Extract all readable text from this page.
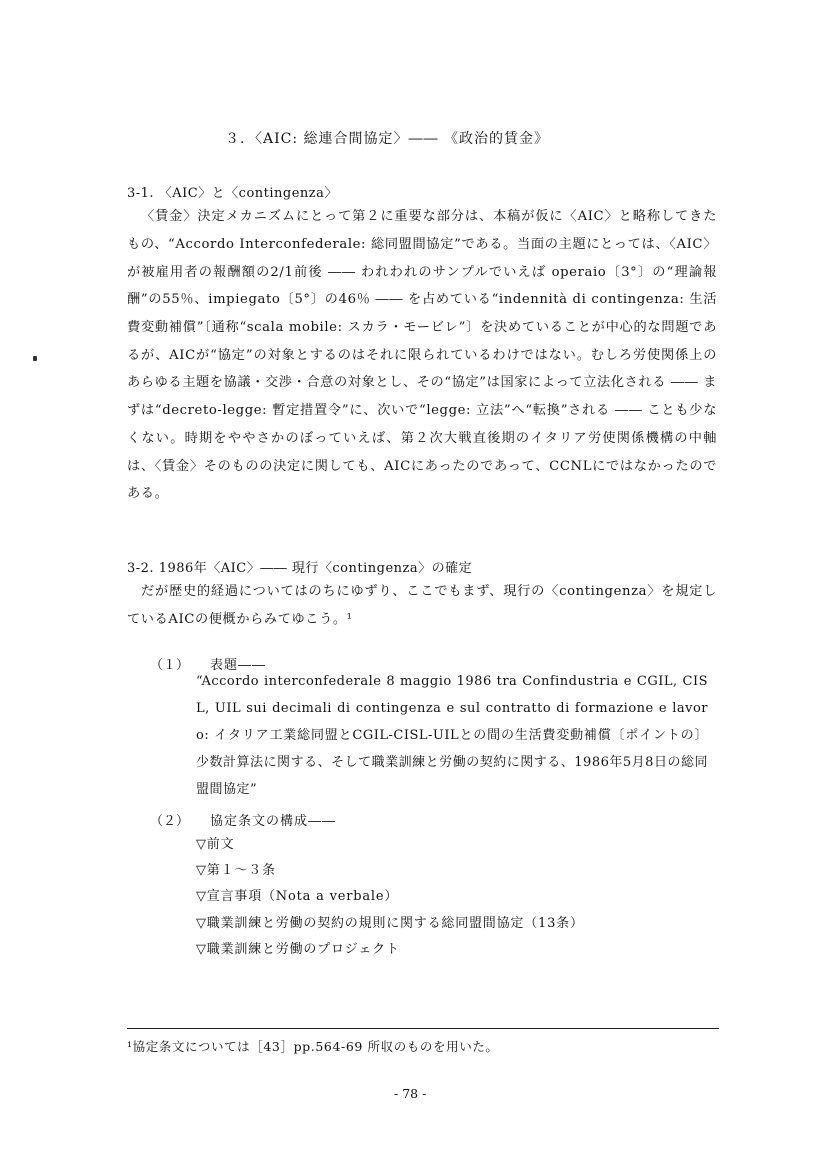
３．〈AIC: 総連合間協定〉―― 《政治的賃金》
3-1. 〈AIC〉と〈contingenza〉

〈賃金〉決定メカニズムにとって第２に重要な部分は、本稿が仮に〈AIC〉と略称してきたもの、“Accordo Interconfederale: 総同盟間協定”である。当面の主題にとっては、〈AIC〉が被雇用者の報酬額の2/1前後 ―― われわれのサンプルでいえば operaio〔3°〕の“理論報酬”の55％、impiegato〔5°〕の46％ ―― を占めている“indennità di contingenza: 生活費変動補償”〔通称“scala mobile: スカラ・モービレ”〕を決めていることが中心的な問題であるが、AICが“協定”の対象とするのはそれに限られているわけではない。むしろ労使関係上のあらゆる主題を協議・交渉・合意の対象とし、その“協定”は国家によって立法化される ―― まずは“decreto-legge: 暫定措置令”に、次いで“legge: 立法”へ“転換”される ―― ことも少なくない。時期をややさかのぼっていえば、第２次大戦直後期のイタリア労使関係機構の中軸は、〈賃金〉そのものの決定に関しても、AICにあったのであって、CCNLにではなかったのである。

3-2. 1986年〈AIC〉―― 現行〈contingenza〉の確定

だが歴史的経過についてはのちにゆずり、ここでもまず、現行の〈contingenza〉を規定しているAICの便概からみてゆこう。¹

（１） 表題――

“Accordo interconfederale 8 maggio 1986 tra Confindustria e CGIL, CISL, UIL sui decimali di contingenza e sul contratto di formazione e lavoro: イタリア工業総同盟とCGIL-CISL-UILとの間の生活費変動補償〔ポイントの〕少数計算法に関する、そして職業訓練と労働の契約に関する、1986年5月8日の総同盟間協定”

（２） 協定条文の構成――
▽前文
▽第１～３条
▽宣言事項（Nota a verbale）
▽職業訓練と労働の契約の規則に関する総同盟間協定（13条）
▽職業訓練と労働のプロジェクト
¹協定条文については［43］pp.564-69 所収のものを用いた。
- 78 -
